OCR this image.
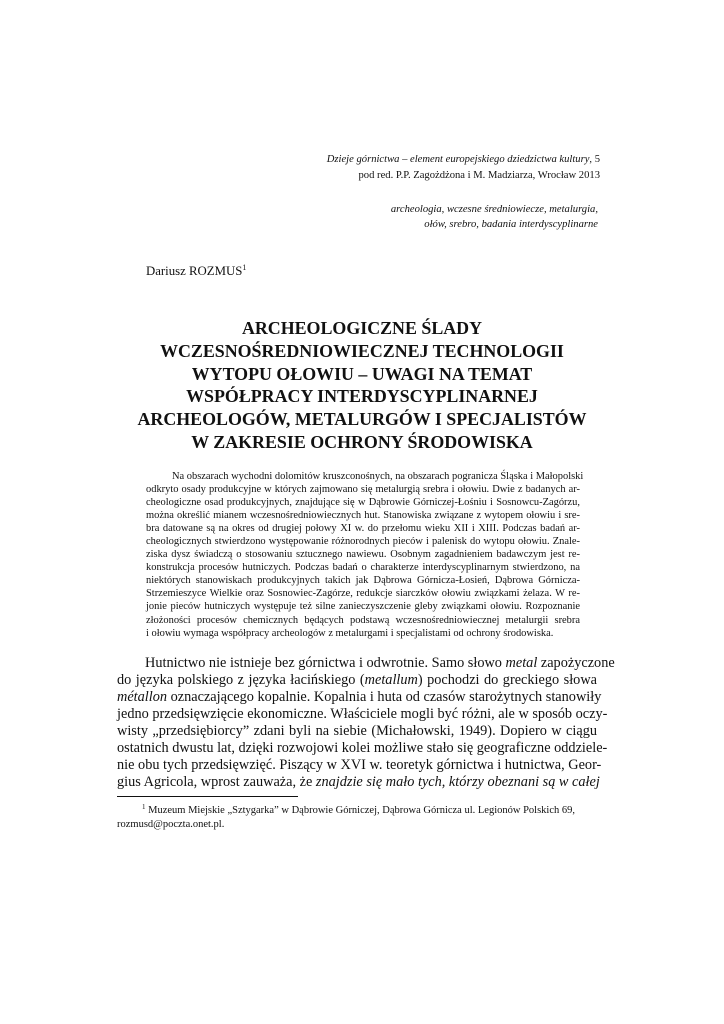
Dzieje górnictwa – element europejskiego dziedzictwa kultury, 5
pod red. P.P. Zagożdżona i M. Madziarza, Wrocław 2013
archeologia, wczesne średniowiecze, metalurgia,
ołów, srebro, badania interdyscyplinarne
Dariusz ROZMUS$^1$
ARCHEOLOGICZNE ŚLADY
WCZESNOŚREDNIOWIECZNEJ TECHNOLOGII
WYTOPU OŁOWIU – UWAGI NA TEMAT
WSPÓŁPRACY INTERDYSCYPLINARNEJ
ARCHEOLOGÓW, METALURGÓW I SPECJALISTÓW
W ZAKRESIE OCHRONY ŚRODOWISKA
Na obszarach wychodni dolomitów kruszconośnych, na obszarach pogranicza Śląska i Małopolski
odkryto osady produkcyjne w których zajmowano się metalurgią srebra i ołowiu. Dwie z badanych ar-
cheologiczne osad produkcyjnych, znajdujące się w Dąbrowie Górniczej-Łośniu i Sosnowcu-Zagórzu,
można określić mianem wczesnośredniowiecznych hut. Stanowiska związane z wytopem ołowiu i sre-
bra datowane są na okres od drugiej połowy XI w. do przełomu wieku XII i XIII. Podczas badań ar-
cheologicznych stwierdzono występowanie różnorodnych pieców i palenisk do wytopu ołowiu. Znale-
ziska dysz świadczą o stosowaniu sztucznego nawiewu. Osobnym zagadnieniem badawczym jest re-
konstrukcja procesów hutniczych. Podczas badań o charakterze interdyscyplinarnym stwierdzono, na
niektórych stanowiskach produkcyjnych takich jak Dąbrowa Górnicza-Łosień, Dąbrowa Górnicza-
Strzemieszyce Wielkie oraz Sosnowiec-Zagórze, redukcje siarczków ołowiu związkami żelaza. W re-
jonie pieców hutniczych występuje też silne zanieczyszczenie gleby związkami ołowiu. Rozpoznanie
złożoności procesów chemicznych będących podstawą wczesnośredniowiecznej metalurgii srebra
i ołowiu wymaga współpracy archeologów z metalurgami i specjalistami od ochrony środowiska.
Hutnictwo nie istnieje bez górnictwa i odwrotnie. Samo słowo metal zapożyczone
do języka polskiego z języka łacińskiego (metallum) pochodzi do greckiego słowa
métallon oznaczającego kopalnie. Kopalnia i huta od czasów starożytnych stanowiły
jedno przedsięwzięcie ekonomiczne. Właściciele mogli być różni, ale w sposób oczy-
wisty „przedsiębiorcy” zdani byli na siebie (Michałowski, 1949). Dopiero w ciągu
ostatnich dwustu lat, dzięki rozwojowi kolei możliwe stało się geograficzne oddziele-
nie obu tych przedsięwzięć. Piszący w XVI w. teoretyk górnictwa i hutnictwa, Geor-
gius Agricola, wprost zauważa, że znajdzie się mało tych, którzy obeznani są w całej
$^1$ Muzeum Miejskie „Sztygarka” w Dąbrowie Górniczej, Dąbrowa Górnicza ul. Legionów Polskich 69,
rozmusd@poczta.onet.pl.
